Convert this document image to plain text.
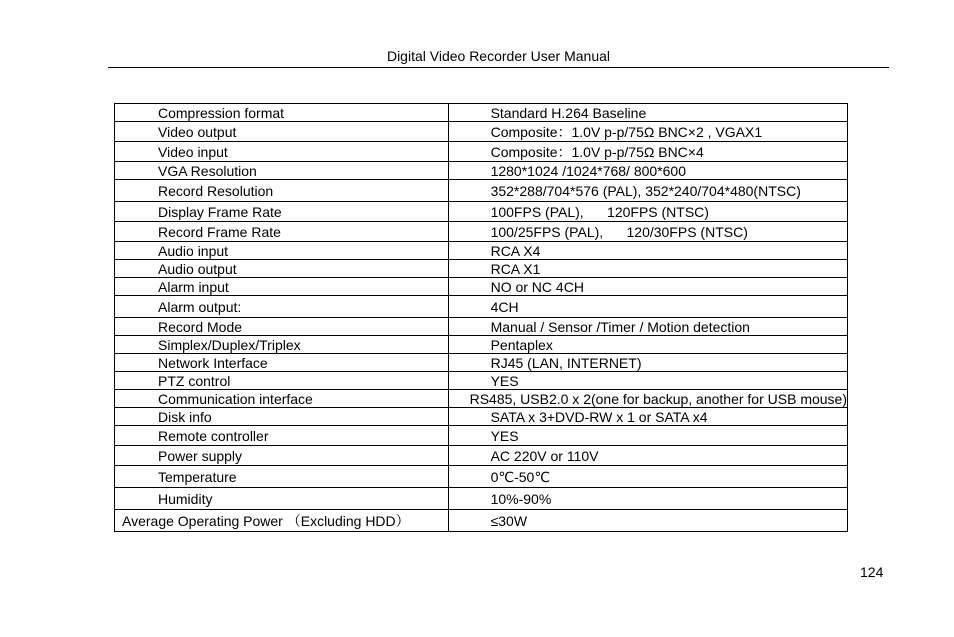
Digital Video Recorder User Manual
Compression format	Standard H.264 Baseline
Video output	Composite：1.0V p-p/75Ω BNC×2 , VGAX1
Video input	Composite：1.0V p-p/75Ω BNC×4
VGA Resolution	1280*1024 /1024*768/ 800*600
Record Resolution	352*288/704*576 (PAL), 352*240/704*480(NTSC)
Display Frame Rate	100FPS (PAL),      120FPS (NTSC)
Record Frame Rate	100/25FPS (PAL),      120/30FPS (NTSC)
Audio input	RCA X4
Audio output	RCA X1
Alarm input	NO or NC 4CH
Alarm output:	4CH
Record Mode	Manual / Sensor /Timer / Motion detection
Simplex/Duplex/Triplex	Pentaplex
Network Interface	RJ45 (LAN, INTERNET)
PTZ control	YES
Communication interface	RS485, USB2.0 x 2(one for backup, another for USB mouse)
Disk info	SATA x 3+DVD-RW x 1 or SATA x4
Remote controller	YES
Power supply	AC 220V or 110V
Temperature	0℃-50℃
Humidity	10%-90%
Average Operating Power （Excluding HDD）	≤30W
124
